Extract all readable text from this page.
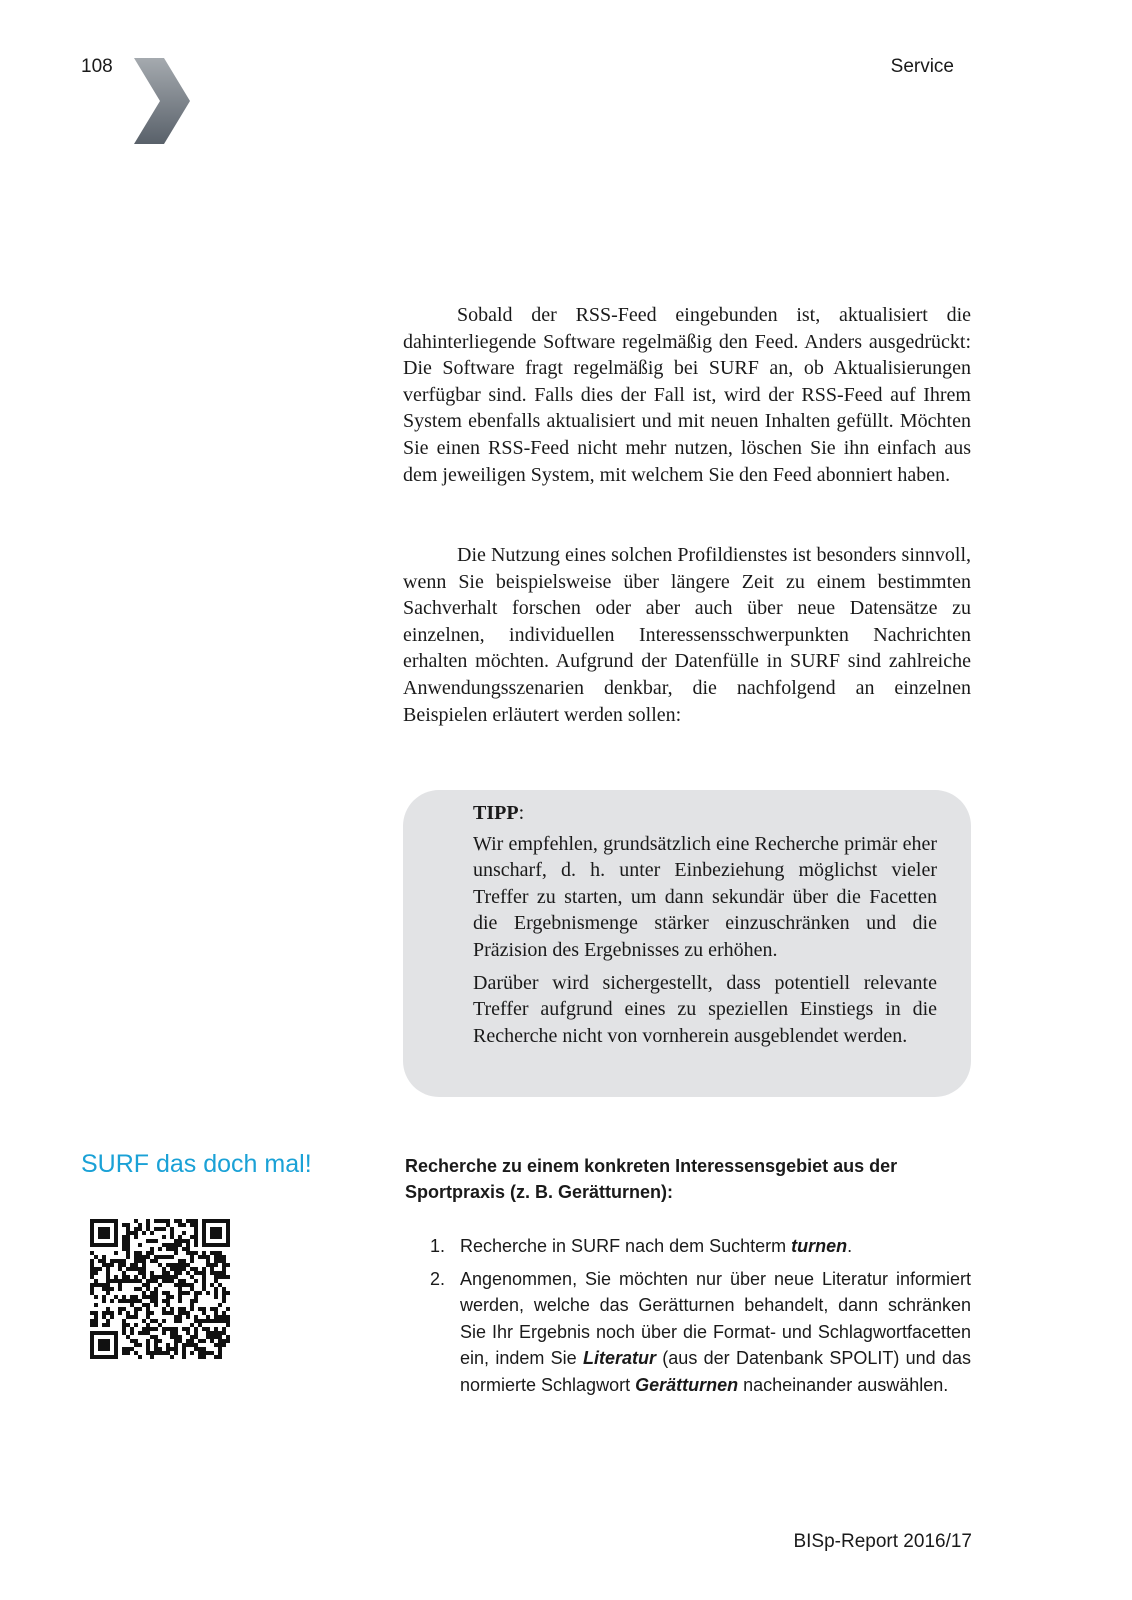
108	Service

Sobald der RSS-Feed eingebunden ist, aktualisiert die dahinterliegende Software regelmäßig den Feed. Anders ausgedrückt: Die Software fragt regelmäßig bei SURF an, ob Aktualisierungen verfügbar sind. Falls dies der Fall ist, wird der RSS-Feed auf Ihrem System ebenfalls aktualisiert und mit neuen Inhalten gefüllt. Möchten Sie einen RSS-Feed nicht mehr nutzen, löschen Sie ihn einfach aus dem jeweiligen System, mit welchem Sie den Feed abonniert haben.

Die Nutzung eines solchen Profildienstes ist besonders sinnvoll, wenn Sie beispielsweise über längere Zeit zu einem bestimmten Sachverhalt forschen oder aber auch über neue Datensätze zu einzelnen, individuellen Interessensschwerpunkten Nachrichten erhalten möchten. Aufgrund der Datenfülle in SURF sind zahlreiche Anwendungsszenarien denkbar, die nachfolgend an einzelnen Beispielen erläutert werden sollen:

TIPP:

Wir empfehlen, grundsätzlich eine Recherche primär eher unscharf, d. h. unter Einbeziehung möglichst vieler Treffer zu starten, um dann sekundär über die Facetten die Ergebnismenge stärker einzuschränken und die Präzision des Ergebnisses zu erhöhen.

Darüber wird sichergestellt, dass potentiell relevante Treffer aufgrund eines zu speziellen Einstiegs in die Recherche nicht von vornherein ausgeblendet werden.

SURF das doch mal!	Recherche zu einem konkreten Interessensgebiet aus der Sportpraxis (z. B. Gerätturnen):
1. Recherche in SURF nach dem Suchterm turnen.
2. Angenommen, Sie möchten nur über neue Literatur informiert werden, welche das Gerätturnen behandelt, dann schränken Sie Ihr Ergebnis noch über die Format- und Schlagwortfacetten ein, indem Sie Literatur (aus der Datenbank SPOLIT) und das normierte Schlagwort Gerätturnen nacheinander auswählen.
BISp-Report 2016/17
